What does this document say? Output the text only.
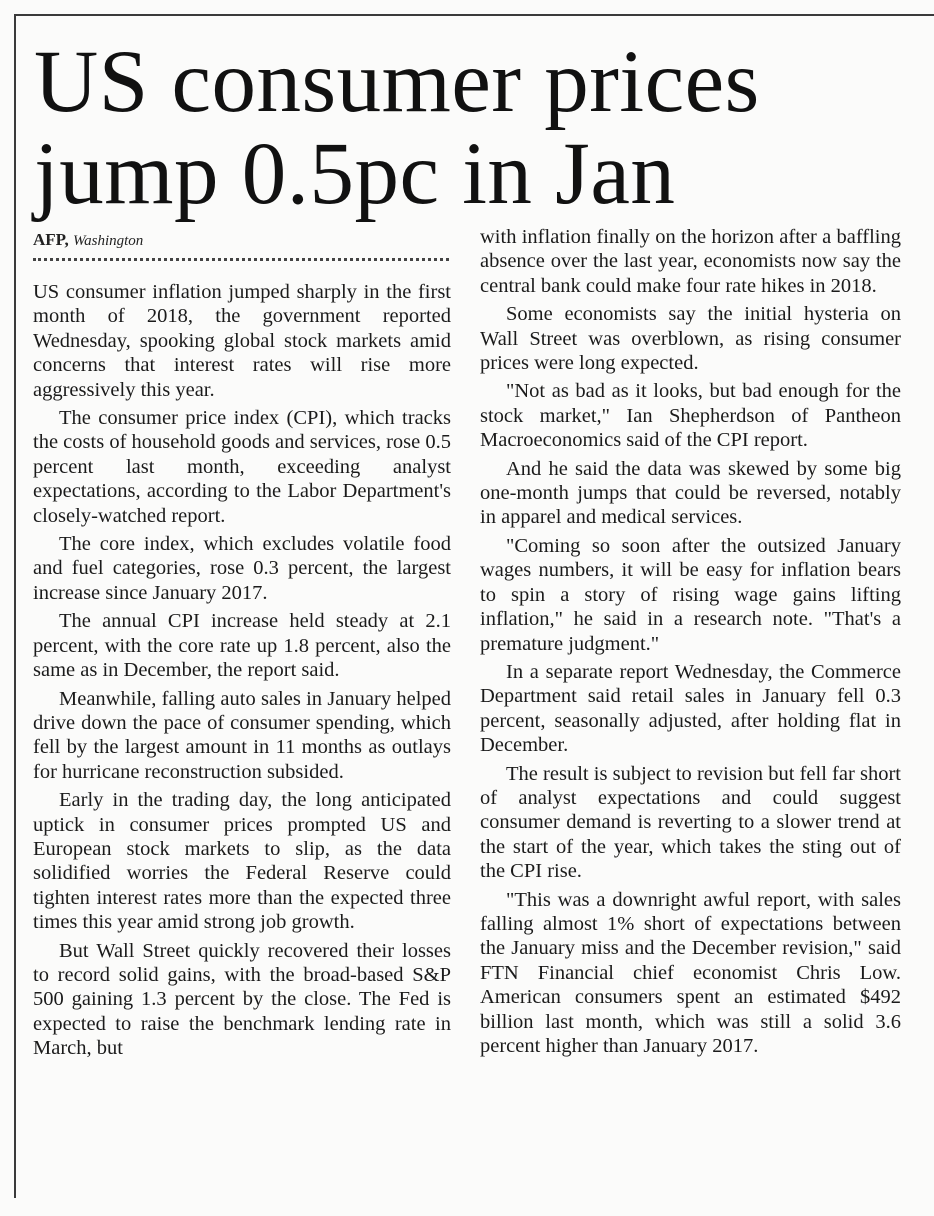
US consumer prices
jump 0.5pc in Jan
AFP, Washington

US consumer inflation jumped sharply in the first month of 2018, the government reported Wednesday, spooking global stock markets amid concerns that interest rates will rise more aggressively this year.

The consumer price index (CPI), which tracks the costs of household goods and services, rose 0.5 percent last month, exceeding analyst expectations, according to the Labor Department's closely-watched report.

The core index, which excludes volatile food and fuel categories, rose 0.3 percent, the largest increase since January 2017.

The annual CPI increase held steady at 2.1 percent, with the core rate up 1.8 percent, also the same as in December, the report said.

Meanwhile, falling auto sales in January helped drive down the pace of consumer spending, which fell by the largest amount in 11 months as outlays for hurricane reconstruction subsided.

Early in the trading day, the long anticipated uptick in consumer prices prompted US and European stock markets to slip, as the data solidified worries the Federal Reserve could tighten interest rates more than the expected three times this year amid strong job growth.

But Wall Street quickly recovered their losses to record solid gains, with the broad-based S&P 500 gaining 1.3 percent by the close. The Fed is expected to raise the benchmark lending rate in March, but

with inflation finally on the horizon after a baffling absence over the last year, economists now say the central bank could make four rate hikes in 2018.

Some economists say the initial hysteria on Wall Street was overblown, as rising consumer prices were long expected.

"Not as bad as it looks, but bad enough for the stock market," Ian Shepherdson of Pantheon Macroeconomics said of the CPI report.

And he said the data was skewed by some big one-month jumps that could be reversed, notably in apparel and medical services.

"Coming so soon after the outsized January wages numbers, it will be easy for inflation bears to spin a story of rising wage gains lifting inflation," he said in a research note. "That's a premature judgment."

In a separate report Wednesday, the Commerce Department said retail sales in January fell 0.3 percent, seasonally adjusted, after holding flat in December.

The result is subject to revision but fell far short of analyst expectations and could suggest consumer demand is reverting to a slower trend at the start of the year, which takes the sting out of the CPI rise.

"This was a downright awful report, with sales falling almost 1% short of expectations between the January miss and the December revision," said FTN Financial chief economist Chris Low. American consumers spent an estimated $492 billion last month, which was still a solid 3.6 percent higher than January 2017.
